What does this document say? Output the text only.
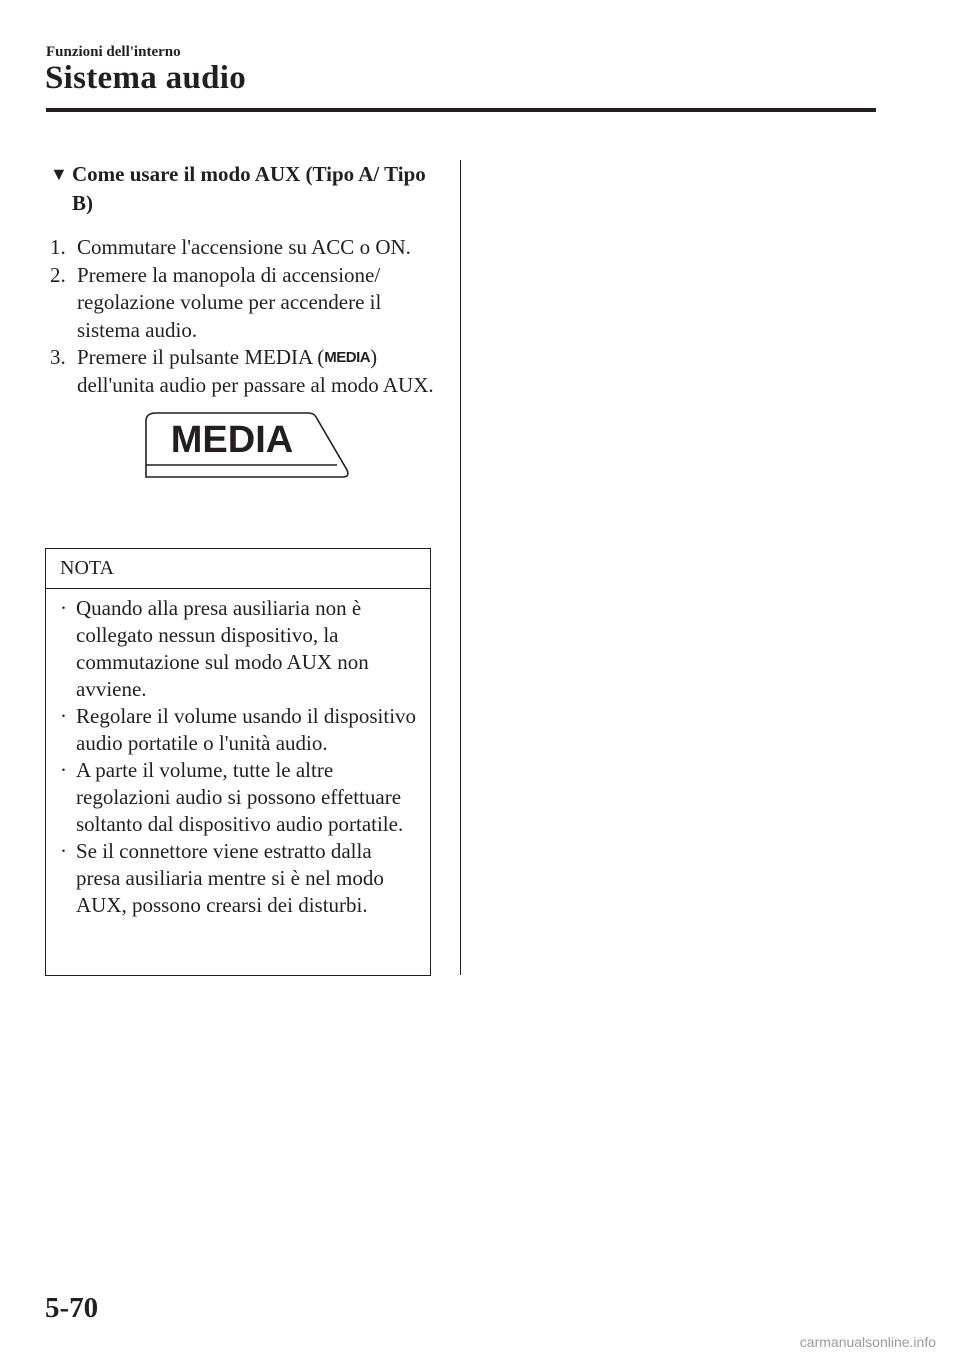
Funzioni dell'interno
Sistema audio
▼ Come usare il modo AUX (Tipo A/ Tipo B)
1. Commutare l'accensione su ACC o ON.
2. Premere la manopola di accensione/ regolazione volume per accendere il sistema audio.
3. Premere il pulsante MEDIA (MEDIA) dell'unita audio per passare al modo AUX.
MEDIA
NOTA
· Quando alla presa ausiliaria non è collegato nessun dispositivo, la commutazione sul modo AUX non avviene.
· Regolare il volume usando il dispositivo audio portatile o l'unità audio.
· A parte il volume, tutte le altre regolazioni audio si possono effettuare soltanto dal dispositivo audio portatile.
· Se il connettore viene estratto dalla presa ausiliaria mentre si è nel modo AUX, possono crearsi dei disturbi.
5-70
carmanualsonline.info
